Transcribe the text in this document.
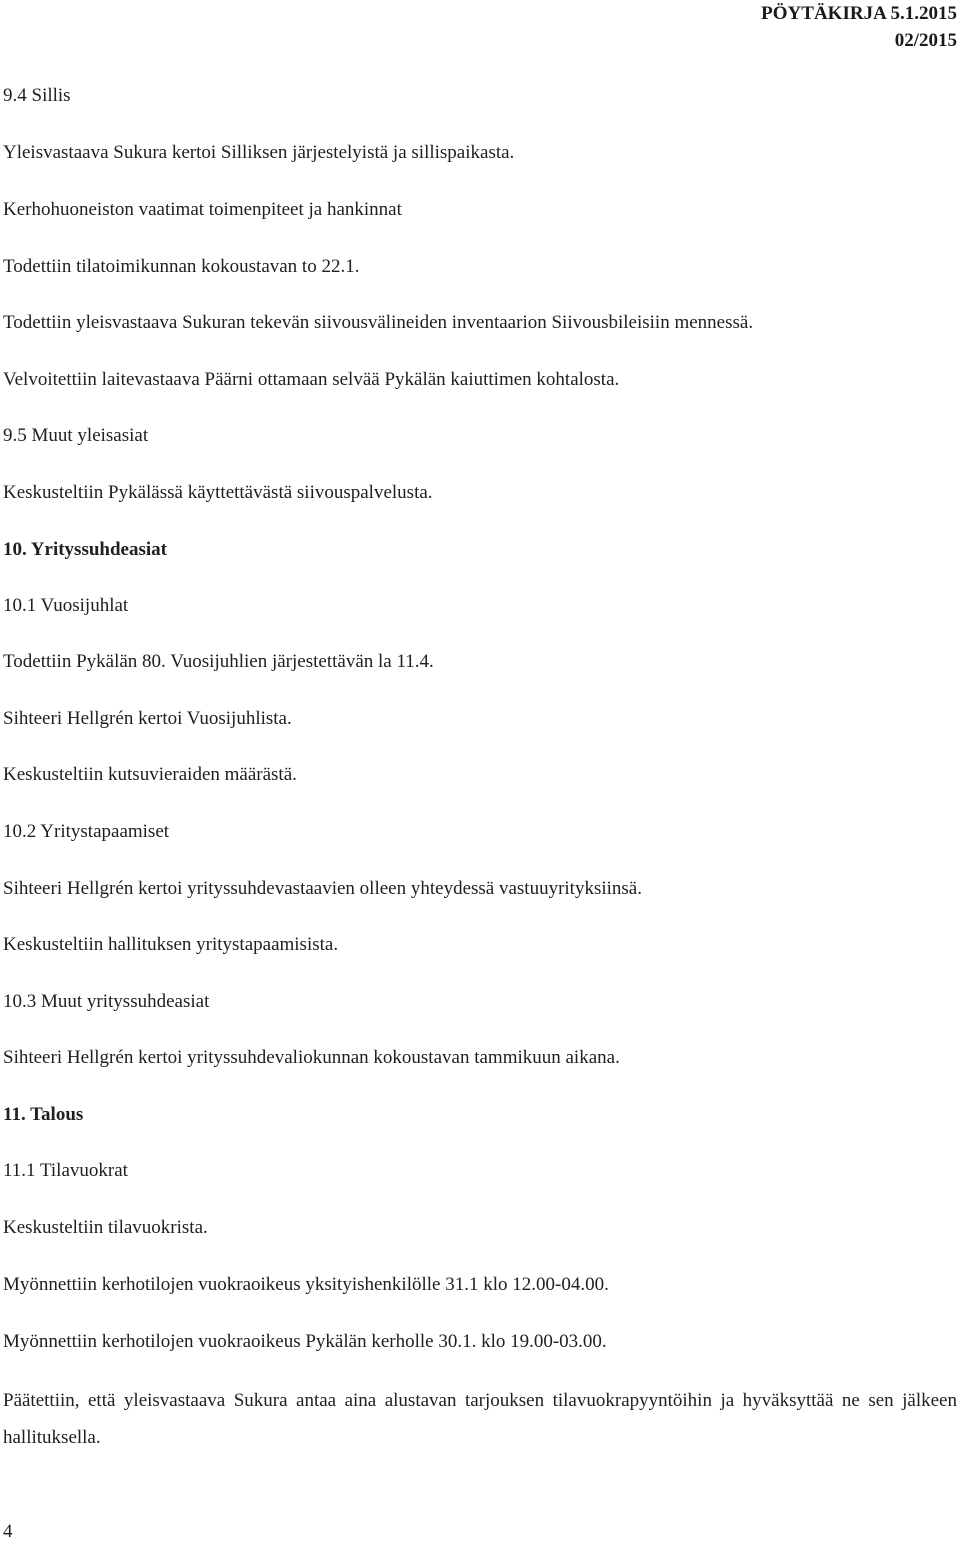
PÖYTÄKIRJA 5.1.2015
02/2015
9.4 Sillis
Yleisvastaava Sukura kertoi Silliksen järjestelyistä ja sillispaikasta.
Kerhohuoneiston vaatimat toimenpiteet ja hankinnat
Todettiin tilatoimikunnan kokoustavan to 22.1.
Todettiin yleisvastaava Sukuran tekevän siivousvälineiden inventaarion Siivousbileisiin mennessä.
Velvoitettiin laitevastaava Päärni ottamaan selvää Pykälän kaiuttimen kohtalosta.
9.5 Muut yleisasiat
Keskusteltiin Pykälässä käyttettävästä siivouspalvelusta.
10. Yrityssuhdeasiat
10.1 Vuosijuhlat
Todettiin Pykälän 80. Vuosijuhlien järjestettävän la 11.4.
Sihteeri Hellgrén kertoi Vuosijuhlista.
Keskusteltiin kutsuvieraiden määrästä.
10.2 Yritystapaamiset
Sihteeri Hellgrén kertoi yrityssuhdevastaavien olleen yhteydessä vastuuyrityksiinsä.
Keskusteltiin hallituksen yritystapaamisista.
10.3 Muut yrityssuhdeasiat
Sihteeri Hellgrén kertoi yrityssuhdevaliokunnan kokoustavan tammikuun aikana.
11. Talous
11.1 Tilavuokrat
Keskusteltiin tilavuokrista.
Myönnettiin kerhotilojen vuokraoikeus yksityishenkilölle 31.1 klo 12.00-04.00.
Myönnettiin kerhotilojen vuokraoikeus Pykälän kerholle 30.1. klo 19.00-03.00.
Päätettiin, että yleisvastaava Sukura antaa aina alustavan tarjouksen tilavuokrapyyntöihin ja hyväksyttää ne sen jälkeen hallituksella.
4
